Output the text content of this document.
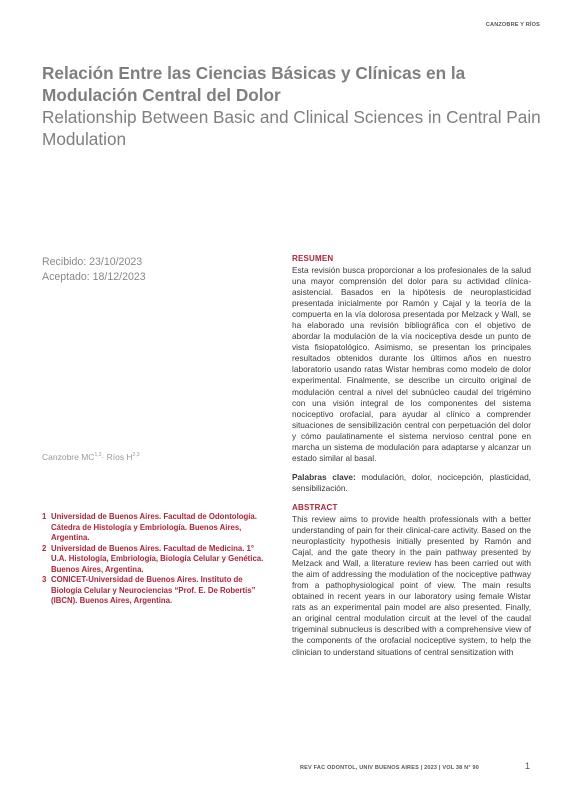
CANZOBRE Y RÍOS
Relación Entre las Ciencias Básicas y Clínicas en la Modulación Central del Dolor
Relationship Between Basic and Clinical Sciences in Central Pain Modulation
Recibido: 23/10/2023
Aceptado: 18/12/2023
Canzobre MC$^{1,3}$· Ríos H$^{2,3}$
1 Universidad de Buenos Aires. Facultad de Odontología. Cátedra de Histología y Embriología. Buenos Aires, Argentina.
2 Universidad de Buenos Aires. Facultad de Medicina. 1° U.A. Histología, Embriología, Biología Celular y Genética. Buenos Aires, Argentina.
3 CONICET-Universidad de Buenos Aires. Instituto de Biología Celular y Neurociencias “Prof. E. De Robertis” (IBCN). Buenos Aires, Argentina.
RESUMEN

Esta revisión busca proporcionar a los profesionales de la salud una mayor comprensión del dolor para su actividad clínica-asistencial. Basados en la hipótesis de neuroplasticidad presentada inicialmente por Ramón y Cajal y la teoría de la compuerta en la vía dolorosa presentada por Melzack y Wall, se ha elaborado una revisión bibliográfica con el objetivo de abordar la modulación de la vía nociceptiva desde un punto de vista fisiopatológico. Asimismo, se presentan los principales resultados obtenidos durante los últimos años en nuestro laboratorio usando ratas Wistar hembras como modelo de dolor experimental. Finalmente, se describe un circuito original de modulación central a nivel del subnúcleo caudal del trigémino con una visión integral de los componentes del sistema nociceptivo orofacial, para ayudar al clínico a comprender situaciones de sensibilización central con perpetuación del dolor y cómo paulatinamente el sistema nervioso central pone en marcha un sistema de modulación para adaptarse y alcanzar un estado similar al basal.

Palabras clave: modulación, dolor, nocicepción, plasticidad, sensibilización.

ABSTRACT

This review aims to provide health professionals with a better understanding of pain for their clinical-care activity. Based on the neuroplasticity hypothesis initially presented by Ramón and Cajal, and the gate theory in the pain pathway presented by Melzack and Wall, a literature review has been carried out with the aim of addressing the modulation of the nociceptive pathway from a pathophysiological point of view. The main results obtained in recent years in our laboratory using female Wistar rats as an experimental pain model are also presented. Finally, an original central modulation circuit at the level of the caudal trigeminal subnucleus is described with a comprehensive view of the components of the orofacial nociceptive system, to help the clinician to understand situations of central sensitization with

REV FAC ODONTOL, UNIV BUENOS AIRES | 2023 | VOL 38 N° 90	1
